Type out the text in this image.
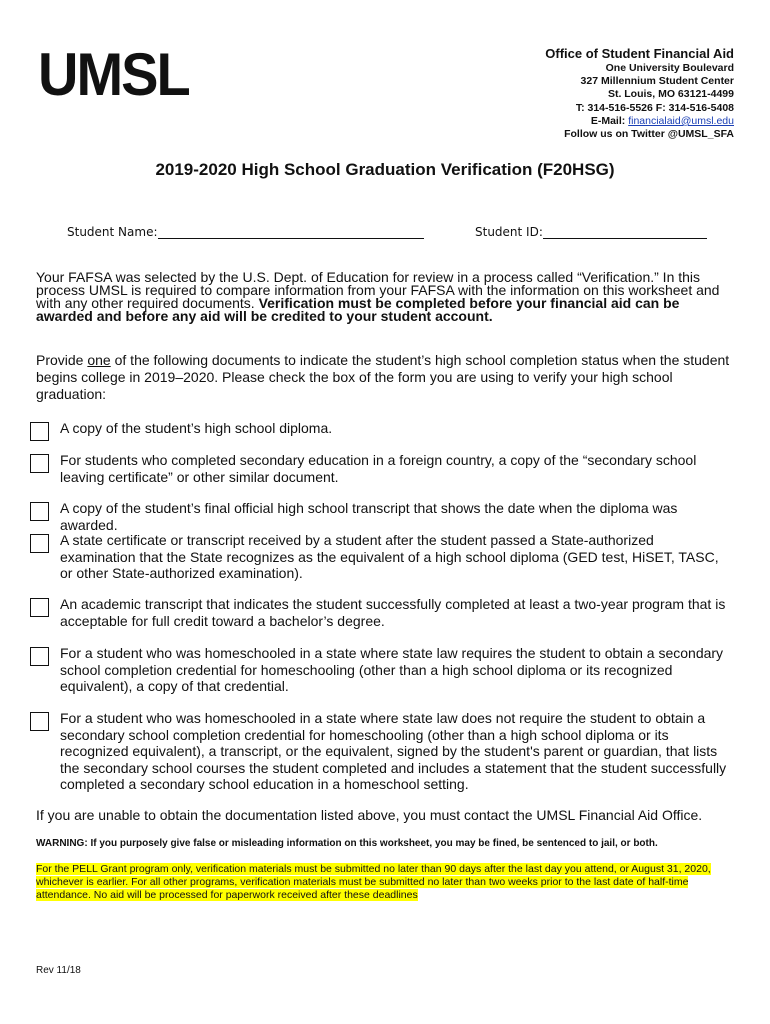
UMSL	Office of Student Financial Aid
One University Boulevard
327 Millennium Student Center
St. Louis, MO 63121-4499
T: 314-516-5526 F: 314-516-5408
E-Mail: financialaid@umsl.edu
Follow us on Twitter @UMSL_SFA
2019-2020 High School Graduation Verification (F20HSG)
Student Name:	Student ID:
Your FAFSA was selected by the U.S. Dept. of Education for review in a process called “Verification.” In this process UMSL is required to compare information from your FAFSA with the information on this worksheet and with any other required documents. Verification must be completed before your financial aid can be awarded and before any aid will be credited to your student account.
Provide one of the following documents to indicate the student’s high school completion status when the student begins college in 2019–2020. Please check the box of the form you are using to verify your high school graduation:
A copy of the student’s high school diploma.
For students who completed secondary education in a foreign country, a copy of the “secondary school leaving certificate” or other similar document.
A copy of the student’s final official high school transcript that shows the date when the diploma was awarded.
A state certificate or transcript received by a student after the student passed a State-authorized examination that the State recognizes as the equivalent of a high school diploma (GED test, HiSET, TASC, or other State-authorized examination).
An academic transcript that indicates the student successfully completed at least a two-year program that is acceptable for full credit toward a bachelor’s degree.
For a student who was homeschooled in a state where state law requires the student to obtain a secondary school completion credential for homeschooling (other than a high school diploma or its recognized equivalent), a copy of that credential.
For a student who was homeschooled in a state where state law does not require the student to obtain a secondary school completion credential for homeschooling (other than a high school diploma or its recognized equivalent), a transcript, or the equivalent, signed by the student's parent or guardian, that lists the secondary school courses the student completed and includes a statement that the student successfully completed a secondary school education in a homeschool setting.
If you are unable to obtain the documentation listed above, you must contact the UMSL Financial Aid Office.
WARNING: If you purposely give false or misleading information on this worksheet, you may be fined, be sentenced to jail, or both.
For the PELL Grant program only, verification materials must be submitted no later than 90 days after the last day you attend, or August 31, 2020, whichever is earlier. For all other programs, verification materials must be submitted no later than two weeks prior to the last date of half-time attendance. No aid will be processed for paperwork received after these deadlines
Rev 11/18
